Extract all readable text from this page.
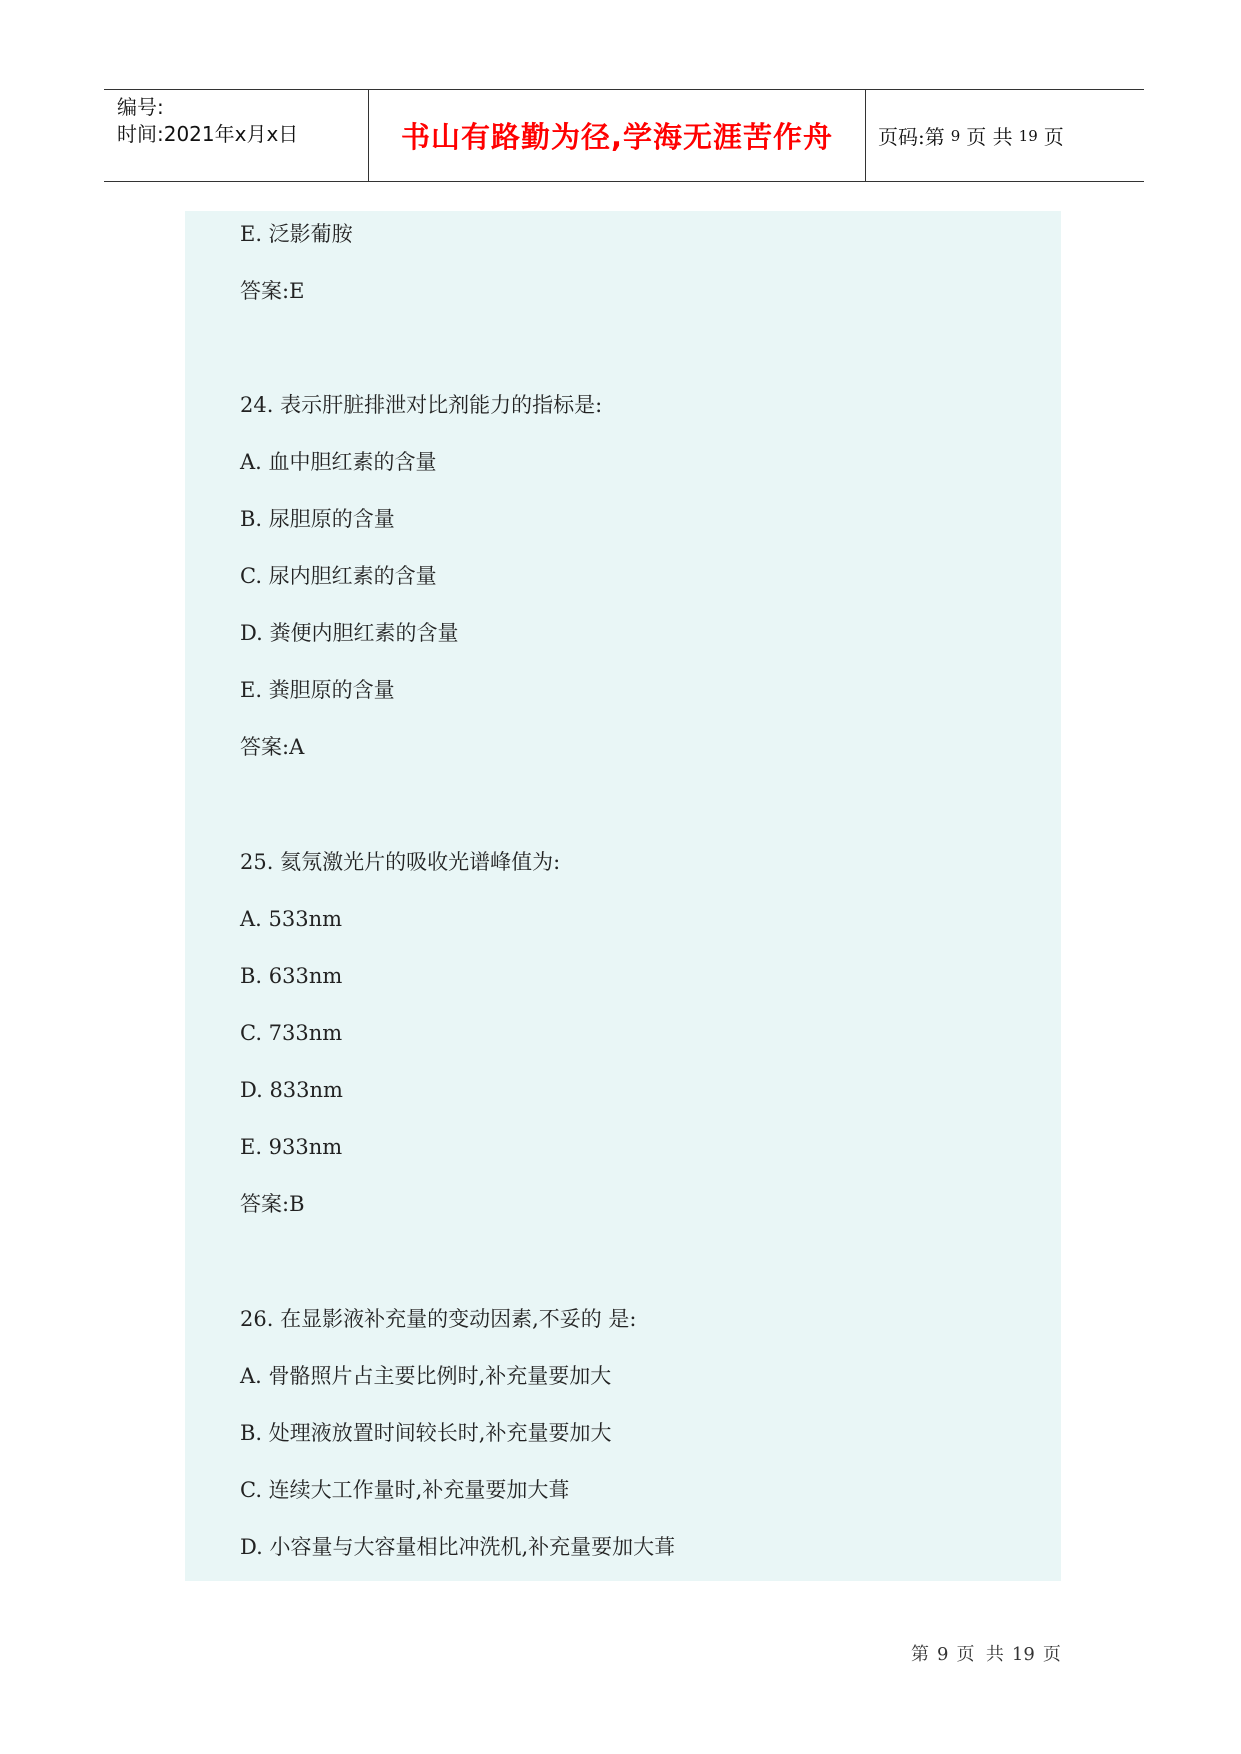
编号:
时间:2021年x月x日	书山有路勤为径,学海无涯苦作舟	页码:第 9 页 共 19 页
E. 泛影葡胺
答案:E
24. 表示肝脏排泄对比剂能力的指标是:
A. 血中胆红素的含量
B. 尿胆原的含量
C. 尿内胆红素的含量
D. 粪便内胆红素的含量
E. 粪胆原的含量
答案:A
25. 氦氖激光片的吸收光谱峰值为:
A. 533nm
B. 633nm
C. 733nm
D. 833nm
E. 933nm
答案:B
26. 在显影液补充量的变动因素,不妥的 是:
A. 骨骼照片占主要比例时,补充量要加大
B. 处理液放置时间较长时,补充量要加大
C. 连续大工作量时,补充量要加大葺
D. 小容量与大容量相比冲洗机,补充量要加大葺
第 9 页  共 19 页
